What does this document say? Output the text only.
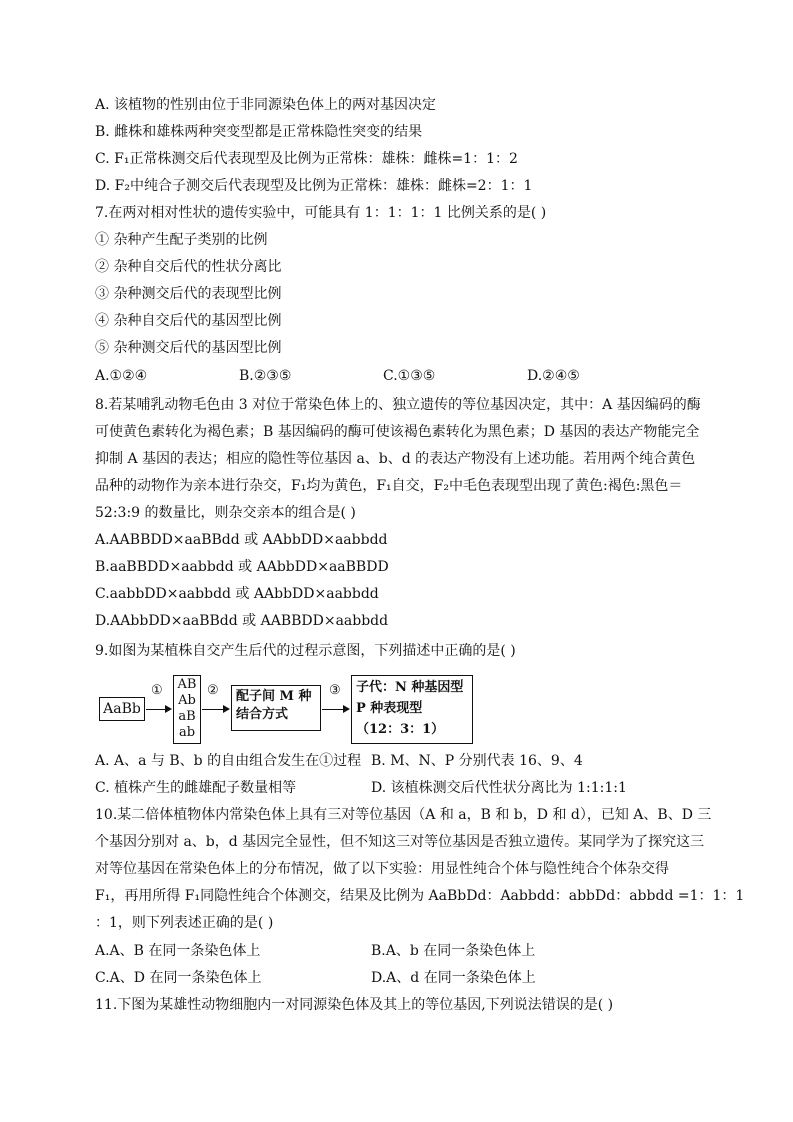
A. 该植物的性别由位于非同源染色体上的两对基因决定
B. 雌株和雄株两种突变型都是正常株隐性突变的结果
C. F₁正常株测交后代表现型及比例为正常株：雄株：雌株=1：1：2
D. F₂中纯合子测交后代表现型及比例为正常株：雄株：雌株=2：1：1
7.在两对相对性状的遗传实验中，可能具有 1：1：1：1 比例关系的是( )
① 杂种产生配子类别的比例
② 杂种自交后代的性状分离比
③ 杂种测交后代的表现型比例
④ 杂种自交后代的基因型比例
⑤ 杂种测交后代的基因型比例
A.①②④	B.②③⑤	C.①③⑤	D.②④⑤
8.若某哺乳动物毛色由 3 对位于常染色体上的、独立遗传的等位基因决定，其中：A 基因编码的酶
可使黄色素转化为褐色素；B 基因编码的酶可使该褐色素转化为黑色素；D 基因的表达产物能完全
抑制 A 基因的表达；相应的隐性等位基因 a、b、d 的表达产物没有上述功能。若用两个纯合黄色
品种的动物作为亲本进行杂交，F₁均为黄色，F₁自交，F₂中毛色表现型出现了黄色:褐色:黑色＝
52:3:9 的数量比，则杂交亲本的组合是( )
A.AABBDD×aaBBdd 或 AAbbDD×aabbdd
B.aaBBDD×aabbdd 或 AAbbDD×aaBBDD
C.aabbDD×aabbdd 或 AAbbDD×aabbdd
D.AAbbDD×aaBBdd 或 AABBDD×aabbdd
9.如图为某植株自交产生后代的过程示意图，下列描述中正确的是( )
AaBb
① AB
Ab
aB
ab
② 配子间 M 种
结合方式
③ 子代：N 种基因型
P 种表现型
（12：3：1）
A. A、a 与 B、b 的自由组合发生在①过程 B. M、N、P 分别代表 16、9、4
C. 植株产生的雌雄配子数量相等	D. 该植株测交后代性状分离比为 1:1:1:1
10.某二倍体植物体内常染色体上具有三对等位基因（A 和 a，B 和 b，D 和 d），已知 A、B、D 三
个基因分别对 a、b，d 基因完全显性，但不知这三对等位基因是否独立遗传。某同学为了探究这三
对等位基因在常染色体上的分布情况，做了以下实验：用显性纯合个体与隐性纯合个体杂交得
F₁，再用所得 F₁同隐性纯合个体测交，结果及比例为 AaBbDd：Aabbdd：abbDd：abbdd =1：1：1
：1，则下列表述正确的是( )
A.A、B 在同一条染色体上	B.A、b 在同一条染色体上
C.A、D 在同一条染色体上	D.A、d 在同一条染色体上
11.下图为某雄性动物细胞内一对同源染色体及其上的等位基因,下列说法错误的是( )
